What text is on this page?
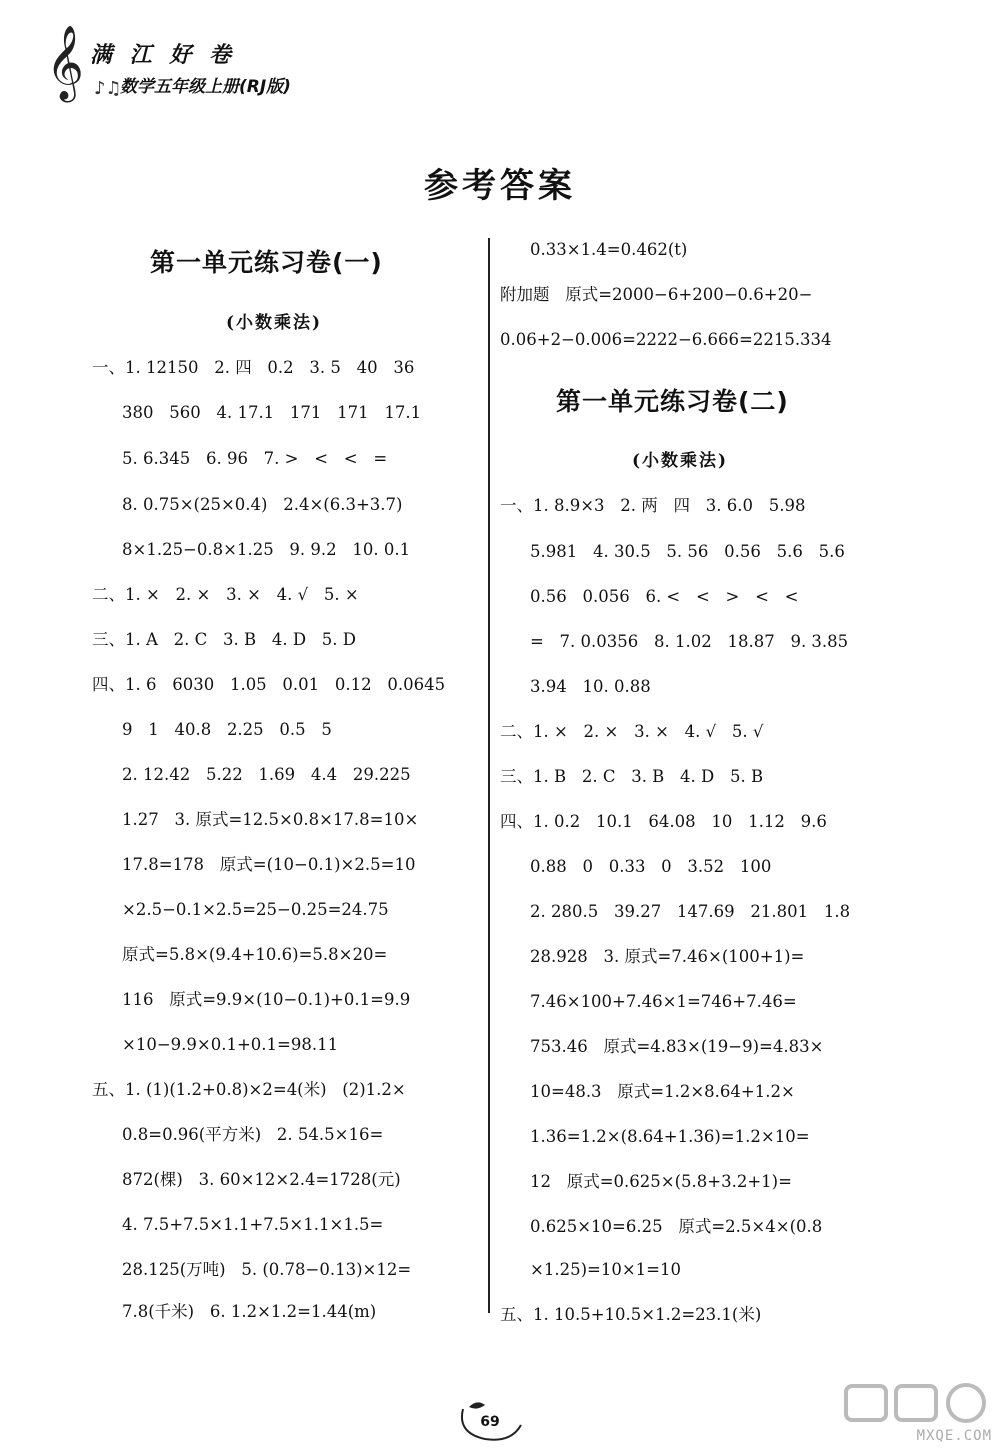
𝄞 ♪♫
满 江 好 卷
数学五年级上册(RJ版)
参考答案
第一单元练习卷(一)
(小数乘法)
一、1. 12150   2. 四   0.2   3. 5   40   36
380   560   4. 17.1   171   171   17.1
5. 6.345   6. 96   7. >   <   <   =
8. 0.75×(25×0.4)   2.4×(6.3+3.7)
8×1.25−0.8×1.25   9. 9.2   10. 0.1
二、1. ×   2. ×   3. ×   4. √   5. ×
三、1. A   2. C   3. B   4. D   5. D
四、1. 6   6030   1.05   0.01   0.12   0.0645
9   1   40.8   2.25   0.5   5
2. 12.42   5.22   1.69   4.4   29.225
1.27   3. 原式=12.5×0.8×17.8=10×
17.8=178   原式=(10−0.1)×2.5=10
×2.5−0.1×2.5=25−0.25=24.75
原式=5.8×(9.4+10.6)=5.8×20=
116   原式=9.9×(10−0.1)+0.1=9.9
×10−9.9×0.1+0.1=98.11
五、1. (1)(1.2+0.8)×2=4(米)   (2)1.2×
0.8=0.96(平方米)   2. 54.5×16=
872(棵)   3. 60×12×2.4=1728(元)
4. 7.5+7.5×1.1+7.5×1.1×1.5=
28.125(万吨)   5. (0.78−0.13)×12=
7.8(千米)   6. 1.2×1.2=1.44(m)
0.33×1.4=0.462(t)
附加题   原式=2000−6+200−0.6+20−
0.06+2−0.006=2222−6.666=2215.334
第一单元练习卷(二)
(小数乘法)
一、1. 8.9×3   2. 两   四   3. 6.0   5.98
5.981   4. 30.5   5. 56   0.56   5.6   5.6
0.56   0.056   6. <   <   >   <   <
=   7. 0.0356   8. 1.02   18.87   9. 3.85
3.94   10. 0.88
二、1. ×   2. ×   3. ×   4. √   5. √
三、1. B   2. C   3. B   4. D   5. B
四、1. 0.2   10.1   64.08   10   1.12   9.6
0.88   0   0.33   0   3.52   100
2. 280.5   39.27   147.69   21.801   1.8
28.928   3. 原式=7.46×(100+1)=
7.46×100+7.46×1=746+7.46=
753.46   原式=4.83×(19−9)=4.83×
10=48.3   原式=1.2×8.64+1.2×
1.36=1.2×(8.64+1.36)=1.2×10=
12   原式=0.625×(5.8+3.2+1)=
0.625×10=6.25   原式=2.5×4×(0.8
×1.25)=10×1=10
五、1. 10.5+10.5×1.2=23.1(米)
69
MXQE.COM
